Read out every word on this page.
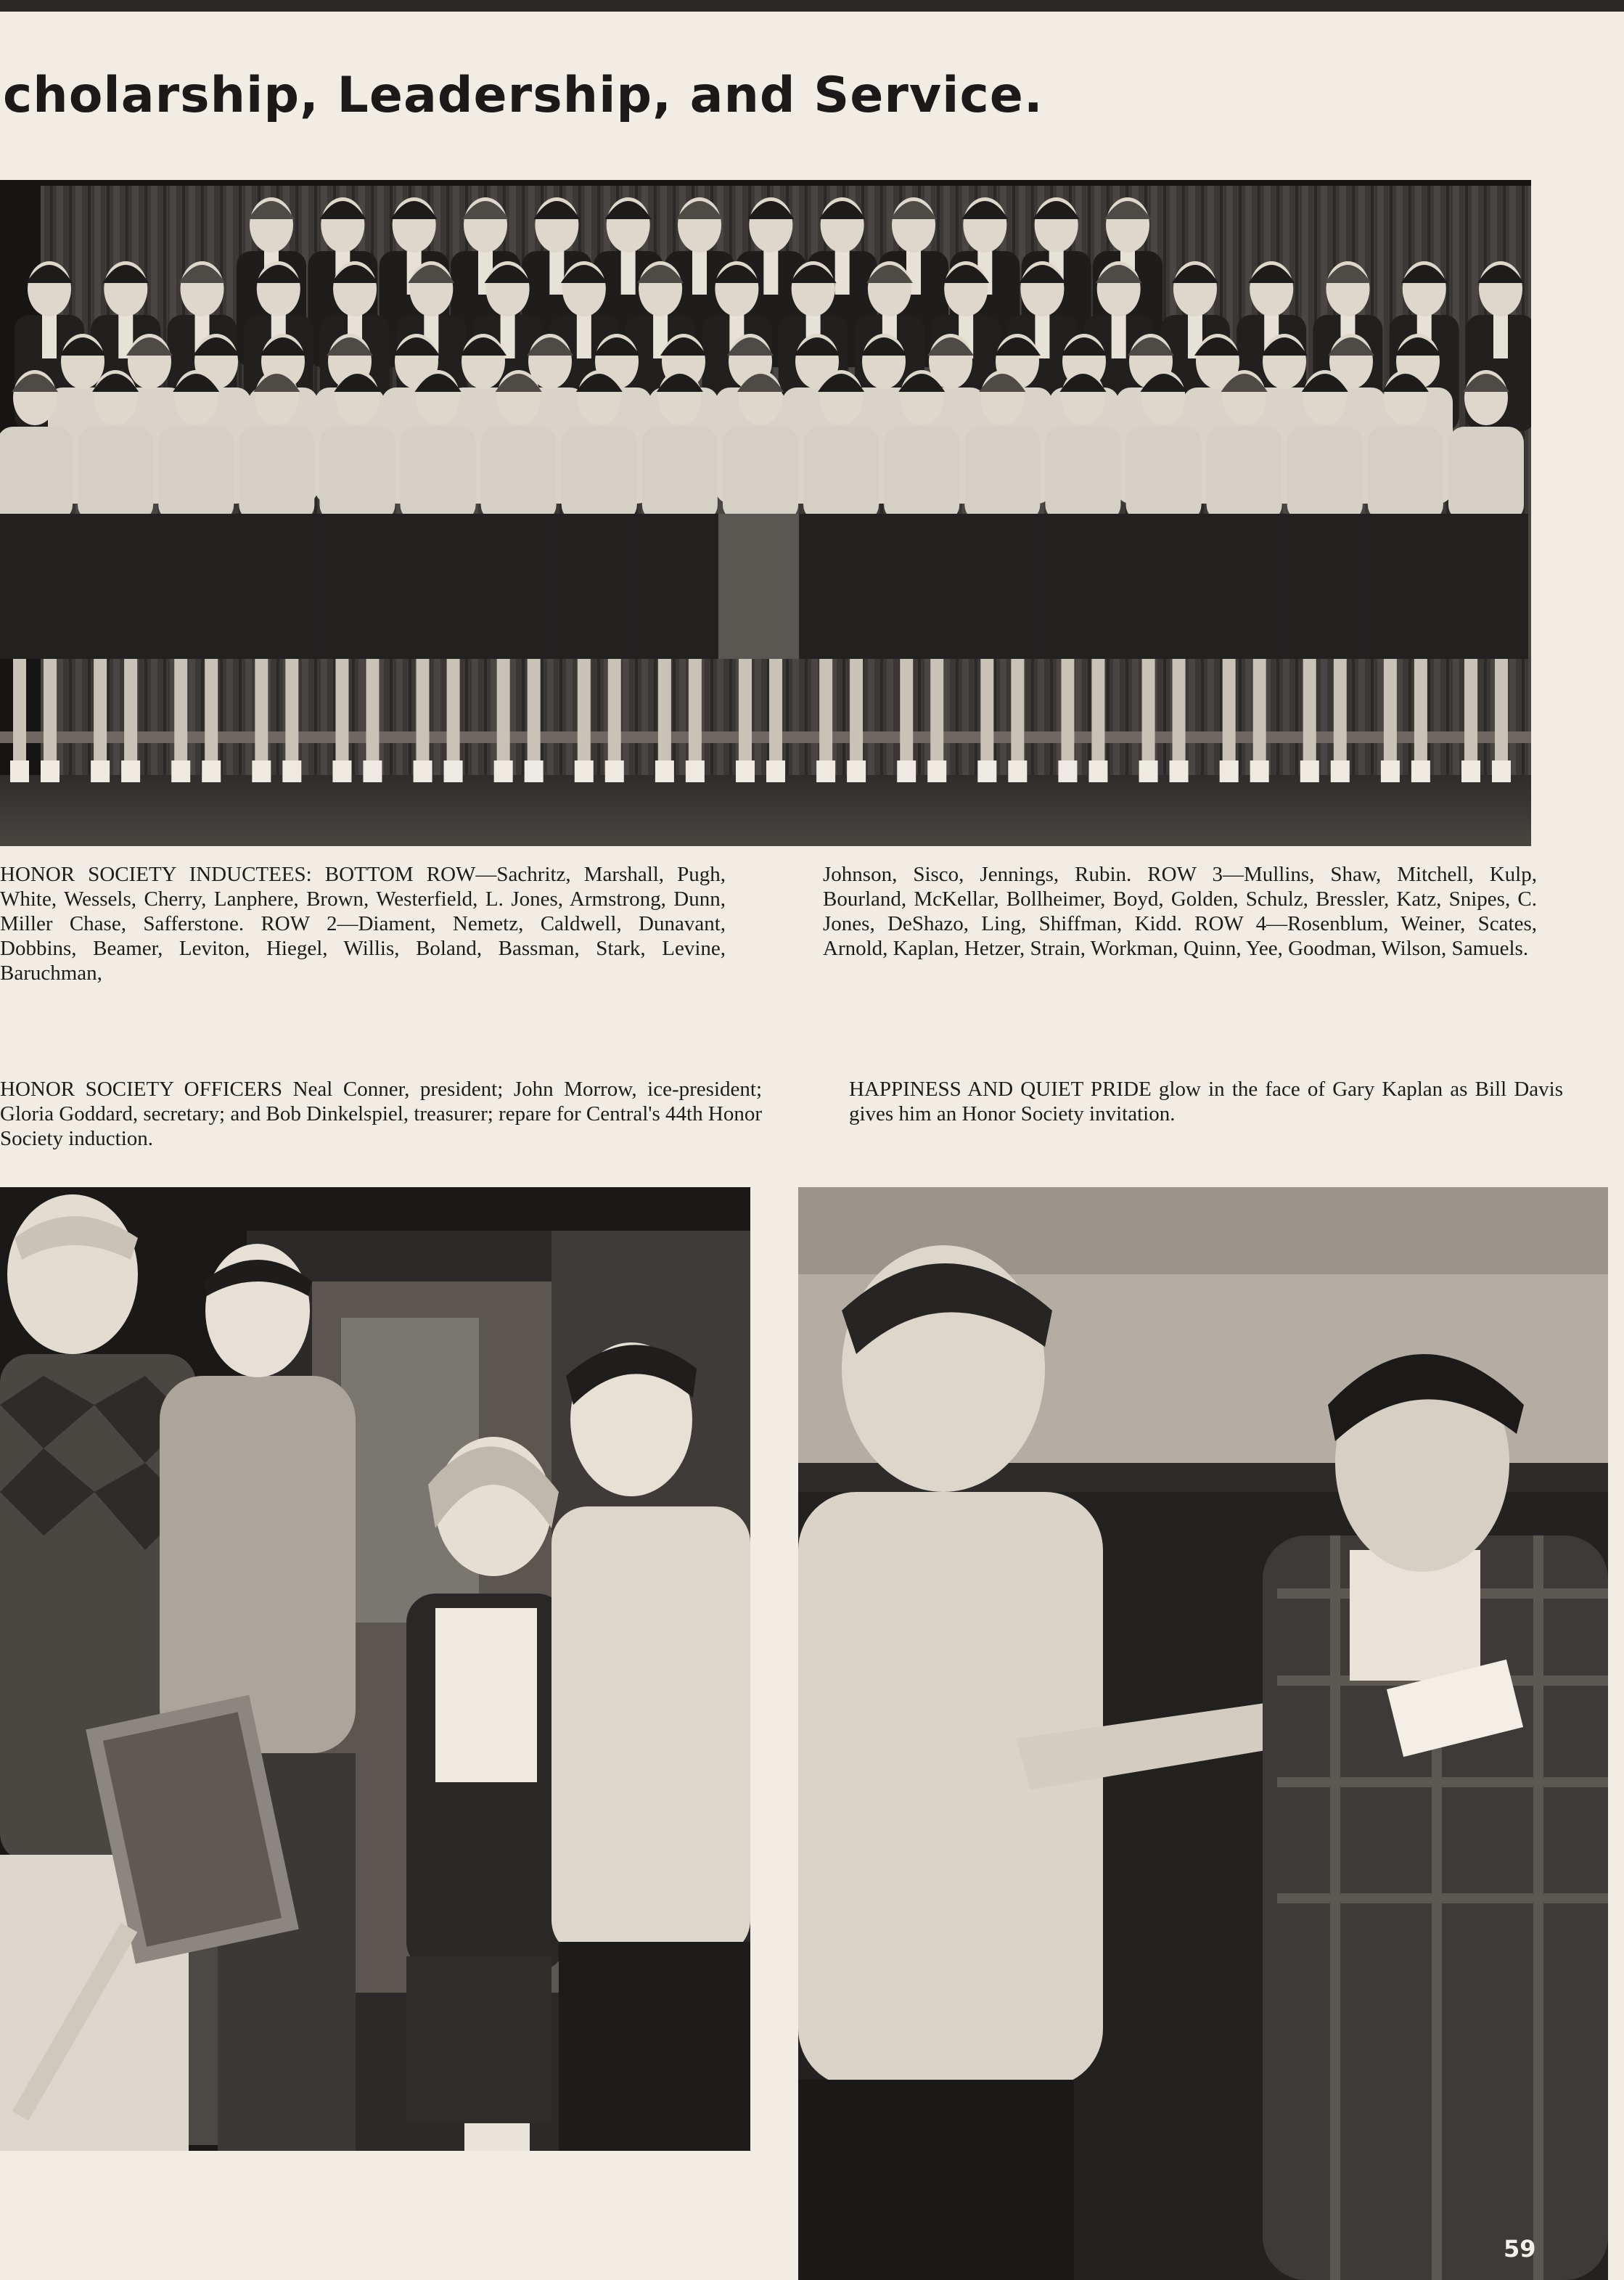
cholarship, Leadership, and Service.

HONOR SOCIETY INDUCTEES: BOTTOM ROW—Sachritz, Marshall, Pugh, White, Wessels, Cherry, Lanphere, Brown, Westerfield, L. Jones, Armstrong, Dunn, Miller Chase, Safferstone. ROW 2—Diament, Nemetz, Caldwell, Dunavant, Dobbins, Beamer, Leviton, Hiegel, Willis, Boland, Bassman, Stark, Levine, Baruchman,

Johnson, Sisco, Jennings, Rubin. ROW 3—Mullins, Shaw, Mitchell, Kulp, Bourland, McKellar, Bollheimer, Boyd, Golden, Schulz, Bressler, Katz, Snipes, C. Jones, DeShazo, Ling, Shiffman, Kidd. ROW 4—Rosenblum, Weiner, Scates, Arnold, Kaplan, Hetzer, Strain, Workman, Quinn, Yee, Goodman, Wilson, Samuels.

HONOR SOCIETY OFFICERS Neal Conner, president; John Morrow, ice-president; Gloria Goddard, secretary; and Bob Dinkelspiel, treasurer; repare for Central's 44th Honor Society induction.

HAPPINESS AND QUIET PRIDE glow in the face of Gary Kaplan as Bill Davis gives him an Honor Society invitation.

59
